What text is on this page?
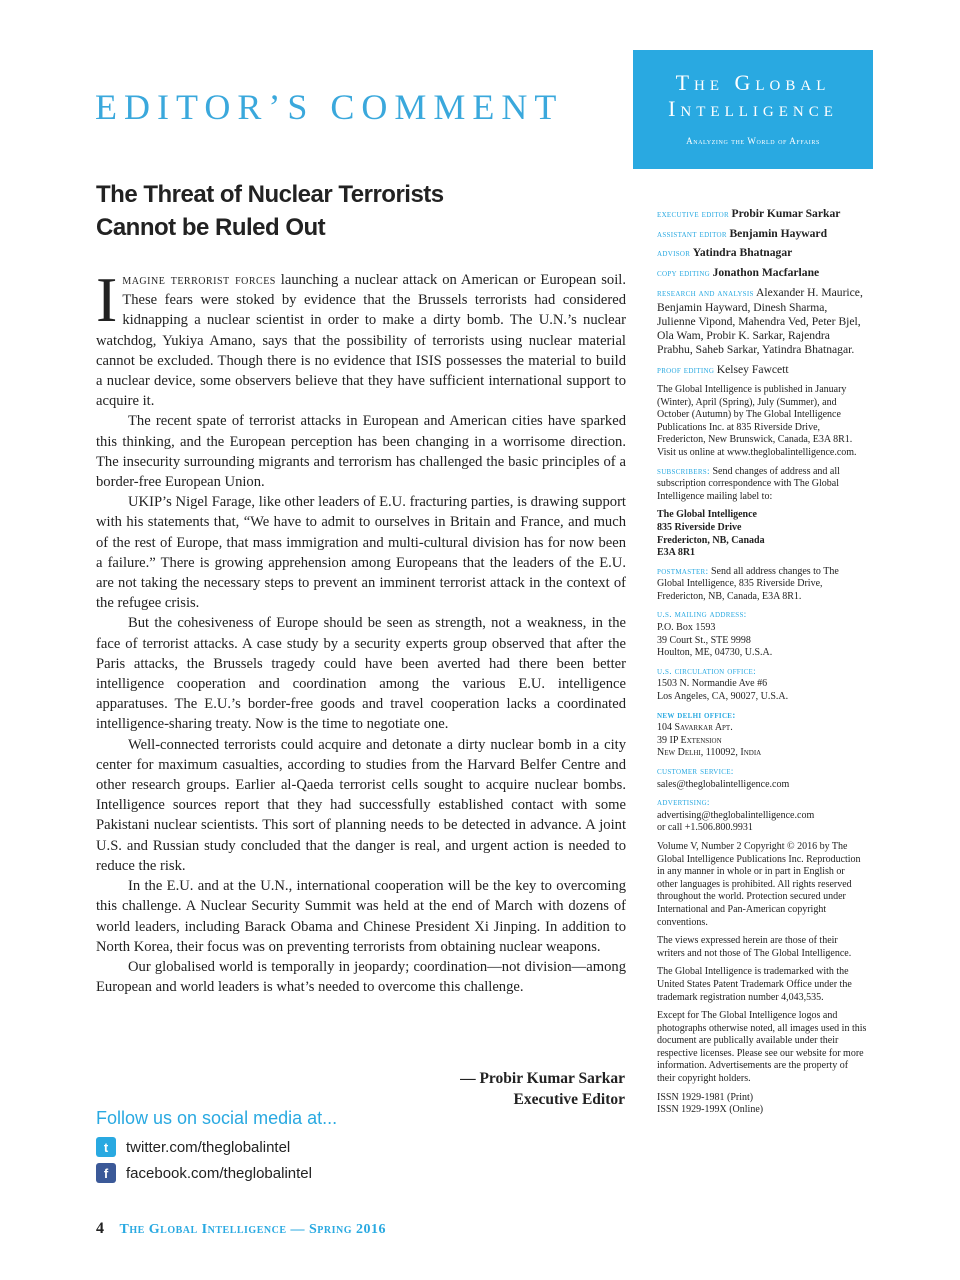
EDITOR’S COMMENT
The Global
Intelligence
Analyzing the World of Affairs
The Threat of Nuclear Terrorists
Cannot be Ruled Out

Imagine terrorist forces launching a nuclear attack on American or European soil. These fears were stoked by evidence that the Brussels terrorists had considered kidnapping a nuclear scientist in order to make a dirty bomb. The U.N.’s nuclear watchdog, Yukiya Amano, says that the possibility of terrorists using nuclear material cannot be excluded. Though there is no evidence that ISIS possesses the material to build a nuclear device, some observers believe that they have sufficient international support to acquire it.

The recent spate of terrorist attacks in European and American cities have sparked this thinking, and the European perception has been changing in a worrisome direction. The insecurity surrounding migrants and terrorism has challenged the basic principles of a border-free European Union.

UKIP’s Nigel Farage, like other leaders of E.U. fracturing parties, is drawing support with his statements that, “We have to admit to ourselves in Britain and France, and much of the rest of Europe, that mass immigration and multi-cultural division has for now been a failure.” There is growing apprehension among Europeans that the leaders of the E.U. are not taking the necessary steps to prevent an imminent terrorist attack in the context of the refugee crisis.

But the cohesiveness of Europe should be seen as strength, not a weakness, in the face of terrorist attacks. A case study by a security experts group observed that after the Paris attacks, the Brussels tragedy could have been averted had there been better intelligence cooperation and coordination among the various E.U. intelligence apparatuses. The E.U.’s border-free goods and travel cooperation lacks a coordinated intelligence-sharing treaty. Now is the time to negotiate one.

Well-connected terrorists could acquire and detonate a dirty nuclear bomb in a city center for maximum casualties, according to studies from the Harvard Belfer Centre and other research groups. Earlier al-Qaeda terrorist cells sought to acquire nuclear bombs. Intelligence sources report that they had successfully established contact with some Pakistani nuclear scientists. This sort of planning needs to be detected in advance. A joint U.S. and Russian study concluded that the danger is real, and urgent action is needed to reduce the risk.

In the E.U. and at the U.N., international cooperation will be the key to overcoming this challenge. A Nuclear Security Summit was held at the end of March with dozens of world leaders, including Barack Obama and Chinese President Xi Jinping. In addition to North Korea, their focus was on preventing terrorists from obtaining nuclear weapons.

Our globalised world is temporally in jeopardy; coordination—not division—among European and world leaders is what’s needed to overcome this challenge.

— Probir Kumar Sarkar
Executive Editor
Follow us on social media at...
t	twitter.com/theglobalintel
f	facebook.com/theglobalintel
4 The Global Intelligence — Spring 2016
executive editor Probir Kumar Sarkar
assistant editor Benjamin Hayward
advisor Yatindra Bhatnagar
copy editing Jonathon Macfarlane
research and analysis Alexander H. Maurice, Benjamin Hayward, Dinesh Sharma, Julienne Vipond, Mahendra Ved, Peter Bjel, Ola Wam, Probir K. Sarkar, Rajendra Prabhu, Saheb Sarkar, Yatindra Bhatnagar.
proof editing Kelsey Fawcett
The Global Intelligence is published in January (Winter), April (Spring), July (Summer), and October (Autumn) by The Global Intelligence Publications Inc. at 835 Riverside Drive, Fredericton, New Brunswick, Canada, E3A 8R1. Visit us online at www.theglobalintelligence.com.
subscribers: Send changes of address and all subscription correspondence with The Global Intelligence mailing label to:
The Global Intelligence
835 Riverside Drive
Fredericton, NB, Canada
E3A 8R1
postmaster: Send all address changes to The Global Intelligence, 835 Riverside Drive, Fredericton, NB, Canada, E3A 8R1.
u.s. mailing address:
P.O. Box 1593
39 Court St., STE 9998
Houlton, ME, 04730, U.S.A.
u.s. circulation office:
1503 N. Normandie Ave #6
Los Angeles, CA, 90027, U.S.A.
new delhi office:
104 Savarkar Apt.
39 IP Extension
New Delhi, 110092, India
customer service:
sales@theglobalintelligence.com
advertising:
advertising@theglobalintelligence.com
or call +1.506.800.9931
Volume V, Number 2 Copyright © 2016 by The Global Intelligence Publications Inc. Reproduction in any manner in whole or in part in English or other languages is prohibited. All rights reserved throughout the world. Protection secured under International and Pan-American copyright conventions.
The views expressed herein are those of their writers and not those of The Global Intelligence.
The Global Intelligence is trademarked with the United States Patent Trademark Office under the trademark registration number 4,043,535.
Except for The Global Intelligence logos and photographs otherwise noted, all images used in this document are publically available under their respective licenses. Please see our website for more information. Advertisements are the property of their copyright holders.
ISSN 1929-1981 (Print)
ISSN 1929-199X (Online)
